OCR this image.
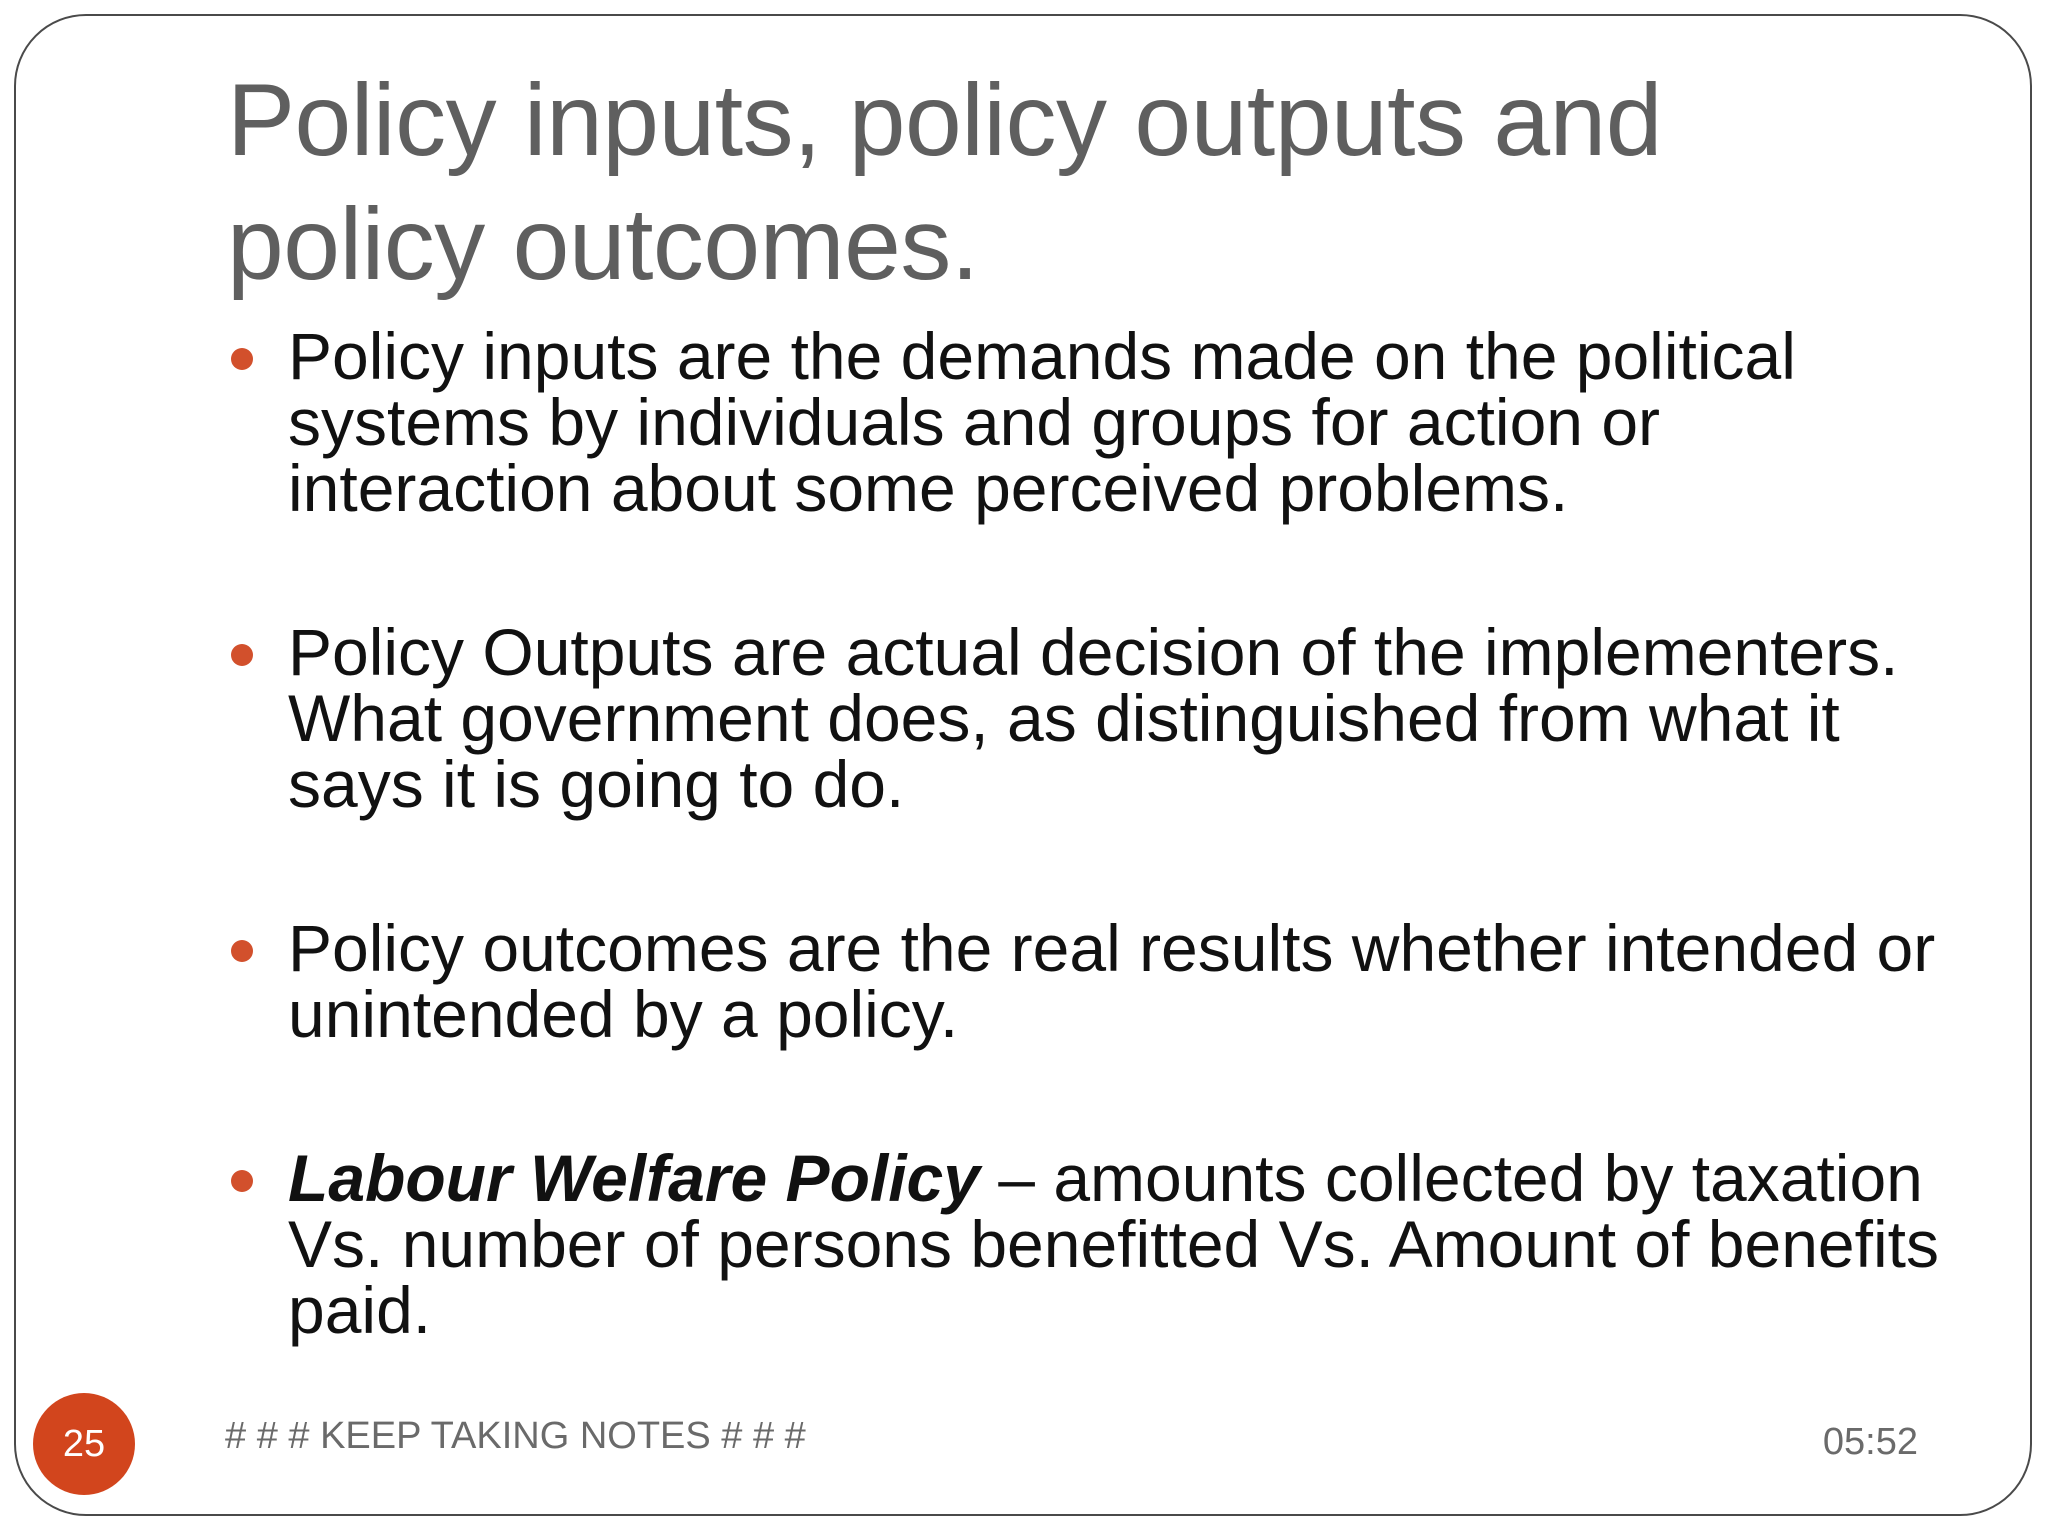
Policy inputs, policy outputs and policy outcomes.
Policy inputs are the demands made on the political systems by individuals and groups for action or interaction about some perceived problems.
Policy Outputs are actual decision of the implementers. What government does, as distinguished from what it says it is going to do.
Policy outcomes are the real results whether intended or unintended by a policy.
Labour Welfare Policy – amounts collected by taxation Vs. number of persons benefitted Vs. Amount of benefits paid.
25	# # # KEEP TAKING NOTES # # #	05:52
